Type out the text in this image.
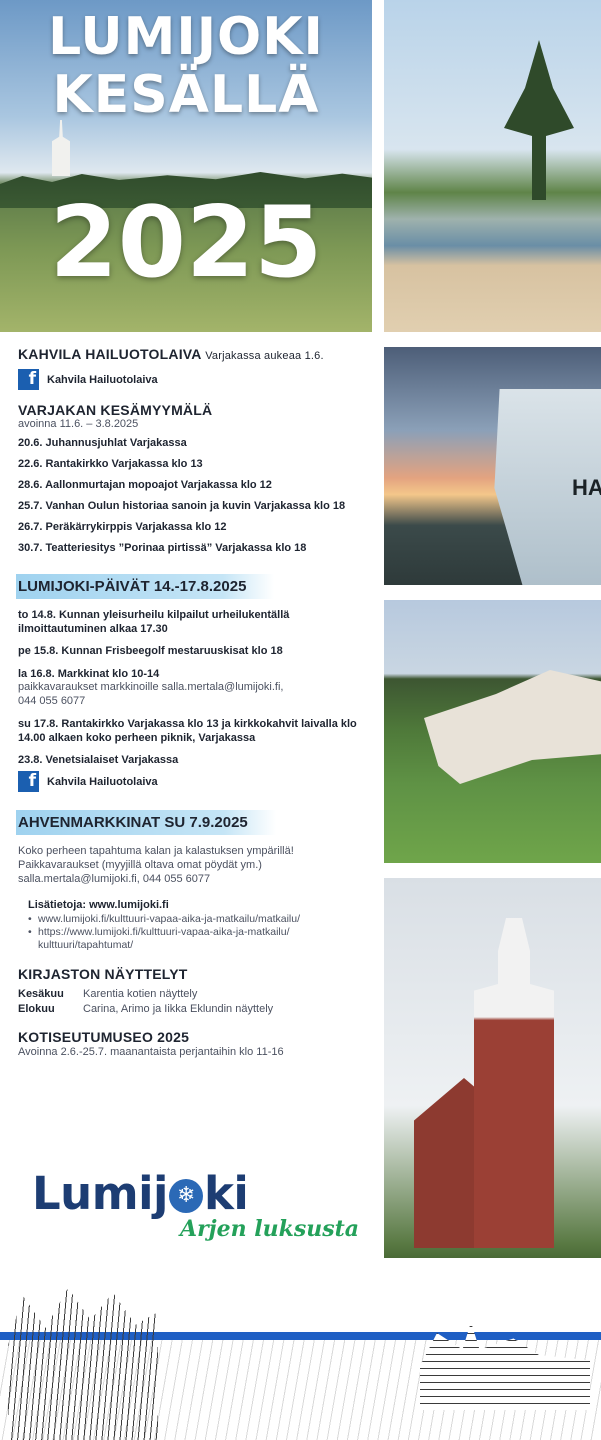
LUMIJOKI
KESÄLLÄ
2025

KAHVILA HAILUOTOLAIVA Varjakassa aukeaa 1.6.

f Kahvila Hailuotolaiva

VARJAKAN KESÄMYYMÄLÄ

avoinna 11.6. – 3.8.2025

20.6. Juhannusjuhlat Varjakassa

22.6. Rantakirkko Varjakassa klo 13

28.6. Aallonmurtajan mopoajot Varjakassa klo 12

25.7. Vanhan Oulun historiaa sanoin ja kuvin Varjakassa klo 18

26.7. Peräkärrykirppis Varjakassa klo 12

30.7. Teatteriesitys ”Porinaa pirtissä” Varjakassa klo 18

LUMIJOKI-PÄIVÄT 14.-17.8.2025

to 14.8. Kunnan yleisurheilu kilpailut urheilukentällä ilmoittautuminen alkaa 17.30

pe 15.8. Kunnan Frisbeegolf mestaruuskisat klo 18

la 16.8. Markkinat klo 10-14

paikkavaraukset markkinoille salla.mertala@lumijoki.fi,

044 055 6077

su 17.8. Rantakirkko Varjakassa klo 13 ja kirkkokahvit laivalla klo 14.00 alkaen koko perheen piknik, Varjakassa

23.8. Venetsialaiset Varjakassa

f Kahvila Hailuotolaiva
AHVENMARKKINAT SU 7.9.2025

Koko perheen tapahtuma kalan ja kalastuksen ympärillä!

Paikkavaraukset (myyjillä oltava omat pöydät ym.)

salla.mertala@lumijoki.fi, 044 055 6077

Lisätietoja: www.lumijoki.fi

• www.lumijoki.fi/kulttuuri-vapaa-aika-ja-matkailu/matkailu/

• https://www.lumijoki.fi/kulttuuri-vapaa-aika-ja-matkailu/ kulttuuri/tapahtumat/

KIRJASTON NÄYTTELYT

Kesäkuu	Karentia kotien näyttely
Elokuu	Carina, Arimo ja Iikka Eklundin näyttely

KOTISEUTUMUSEO 2025

Avoinna 2.6.-25.7. maanantaista perjantaihin klo 11-16

Lumij ❄ ki
Arjen luksusta
HA
